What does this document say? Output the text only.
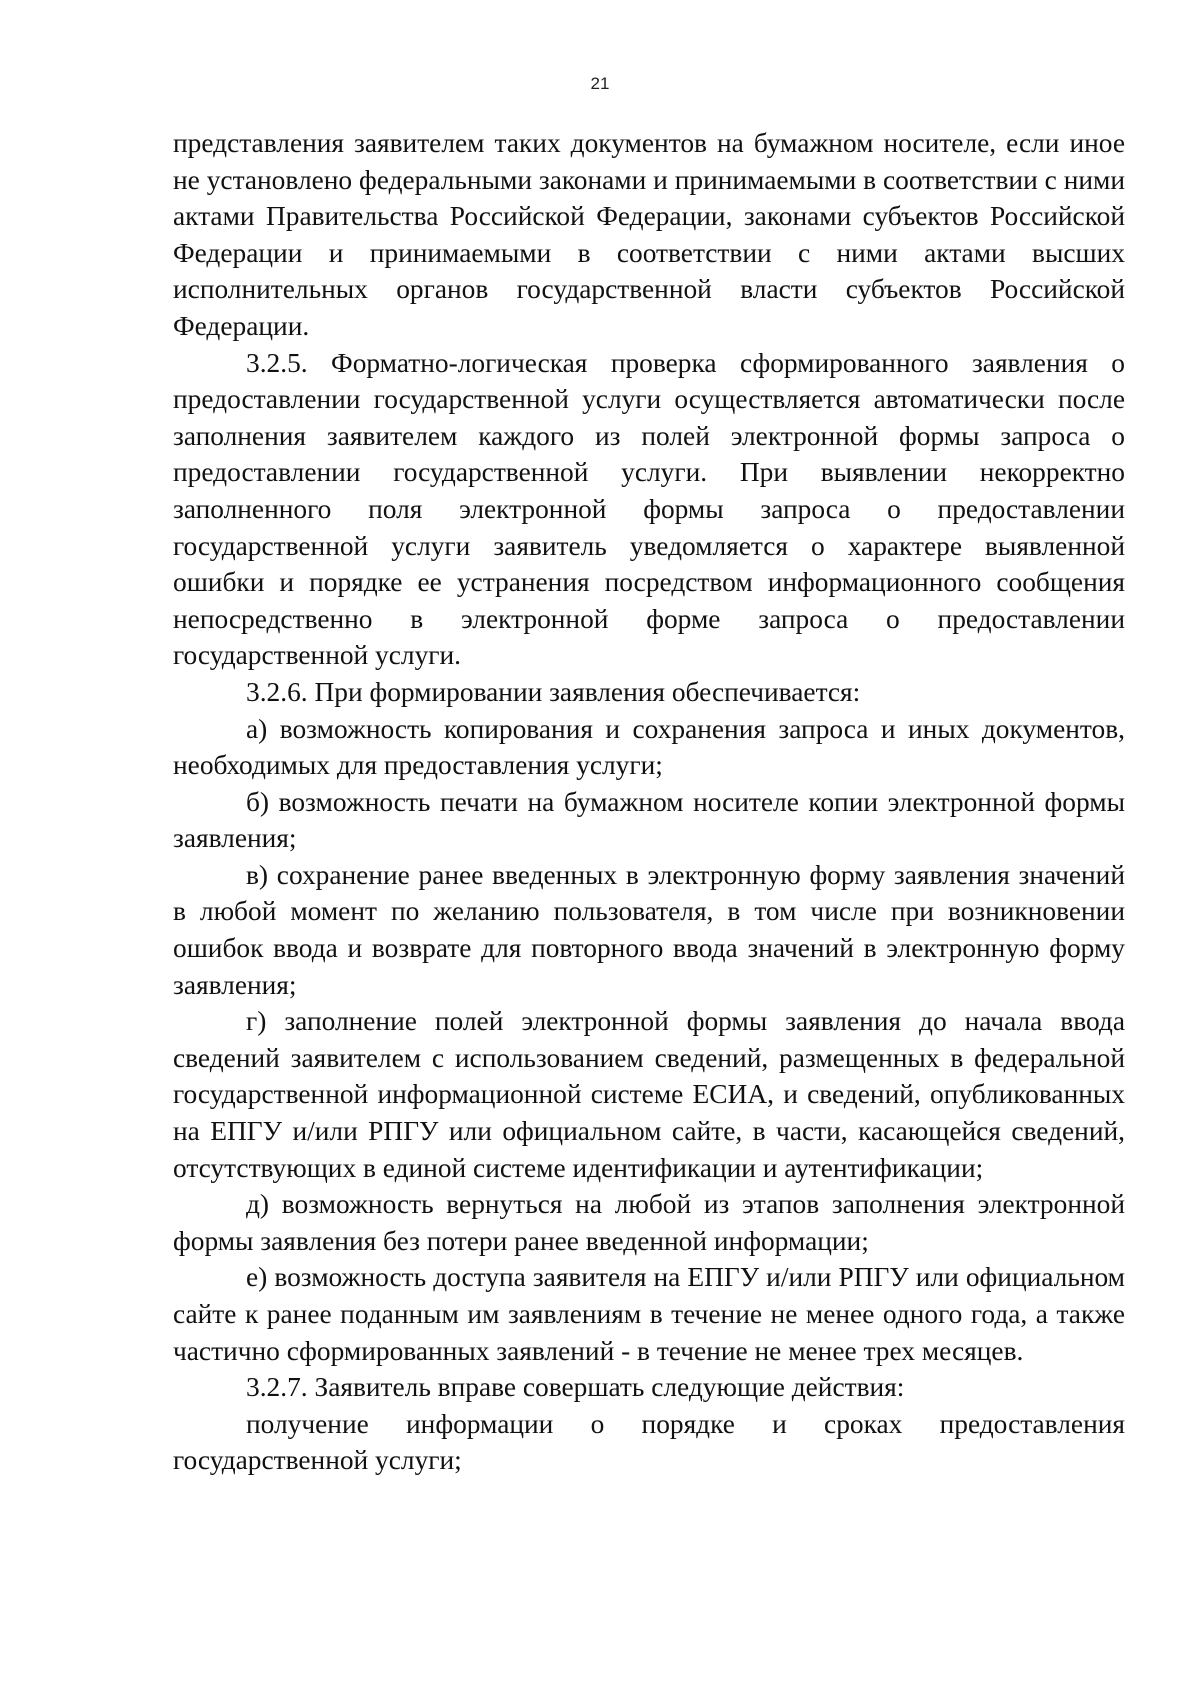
21

представления заявителем таких документов на бумажном носителе, если иное не установлено федеральными законами и принимаемыми в соответствии с ними актами Правительства Российской Федерации, законами субъектов Российской Федерации и принимаемыми в соответствии с ними актами высших исполнительных органов государственной власти субъектов Российской Федерации.

3.2.5. Форматно-логическая проверка сформированного заявления о предоставлении государственной услуги осуществляется автоматически после заполнения заявителем каждого из полей электронной формы запроса о предоставлении государственной услуги. При выявлении некорректно заполненного поля электронной формы запроса о предоставлении государственной услуги заявитель уведомляется о характере выявленной ошибки и порядке ее устранения посредством информационного сообщения непосредственно в электронной форме запроса о предоставлении государственной услуги.

3.2.6. При формировании заявления обеспечивается:

а) возможность копирования и сохранения запроса и иных документов, необходимых для предоставления услуги;

б) возможность печати на бумажном носителе копии электронной формы заявления;

в) сохранение ранее введенных в электронную форму заявления значений в любой момент по желанию пользователя, в том числе при возникновении ошибок ввода и возврате для повторного ввода значений в электронную форму заявления;

г) заполнение полей электронной формы заявления до начала ввода сведений заявителем с использованием сведений, размещенных в федеральной государственной информационной системе ЕСИА, и сведений, опубликованных на ЕПГУ и/или РПГУ или официальном сайте, в части, касающейся сведений, отсутствующих в единой системе идентификации и аутентификации;

д) возможность вернуться на любой из этапов заполнения электронной формы заявления без потери ранее введенной информации;

е) возможность доступа заявителя на ЕПГУ и/или РПГУ или официальном сайте к ранее поданным им заявлениям в течение не менее одного года, а также частично сформированных заявлений - в течение не менее трех месяцев.

3.2.7. Заявитель вправе совершать следующие действия:

получение информации о порядке и сроках предоставления государственной услуги;
